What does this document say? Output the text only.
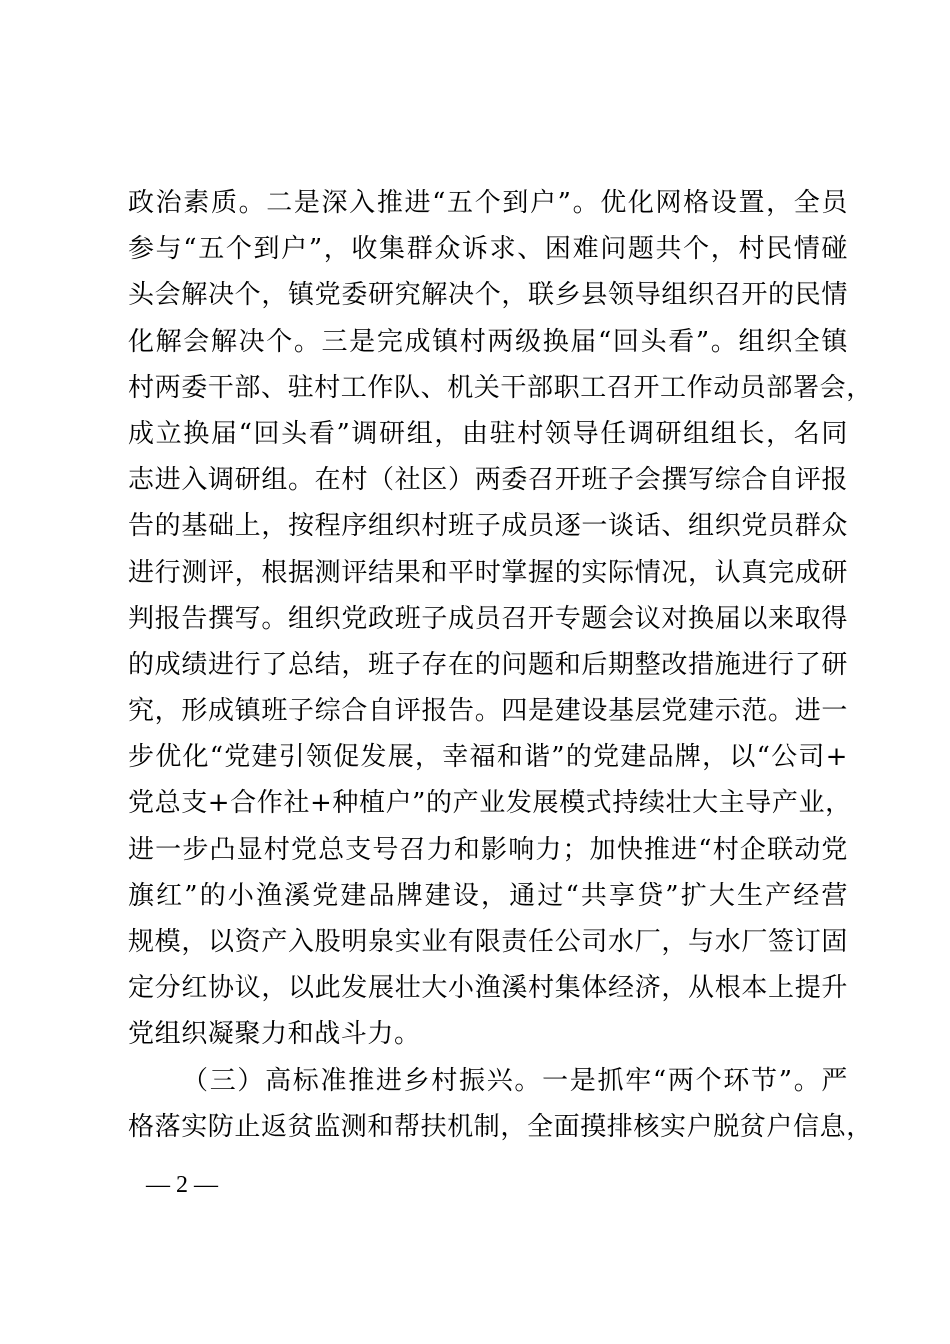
政治素质。二是深入推进“五个到户”。优化网格设置，全员
参与“五个到户”，收集群众诉求、困难问题共个，村民情碰
头会解决个，镇党委研究解决个，联乡县领导组织召开的民情
化解会解决个。三是完成镇村两级换届“回头看”。组织全镇
村两委干部、驻村工作队、机关干部职工召开工作动员部署会，
成立换届“回头看”调研组，由驻村领导任调研组组长，名同
志进入调研组。在村（社区）两委召开班子会撰写综合自评报
告的基础上，按程序组织村班子成员逐一谈话、组织党员群众
进行测评，根据测评结果和平时掌握的实际情况，认真完成研
判报告撰写。组织党政班子成员召开专题会议对换届以来取得
的成绩进行了总结，班子存在的问题和后期整改措施进行了研
究，形成镇班子综合自评报告。四是建设基层党建示范。进一
步优化“党建引领促发展，幸福和谐”的党建品牌，以“公司+
党总支+合作社+种植户”的产业发展模式持续壮大主导产业，
进一步凸显村党总支号召力和影响力；加快推进“村企联动党
旗红”的小渔溪党建品牌建设，通过“共享贷”扩大生产经营
规模，以资产入股明泉实业有限责任公司水厂，与水厂签订固
定分红协议，以此发展壮大小渔溪村集体经济，从根本上提升
党组织凝聚力和战斗力。
（三）高标准推进乡村振兴。一是抓牢“两个环节”。严
格落实防止返贫监测和帮扶机制，全面摸排核实户脱贫户信息，
— 2 —
